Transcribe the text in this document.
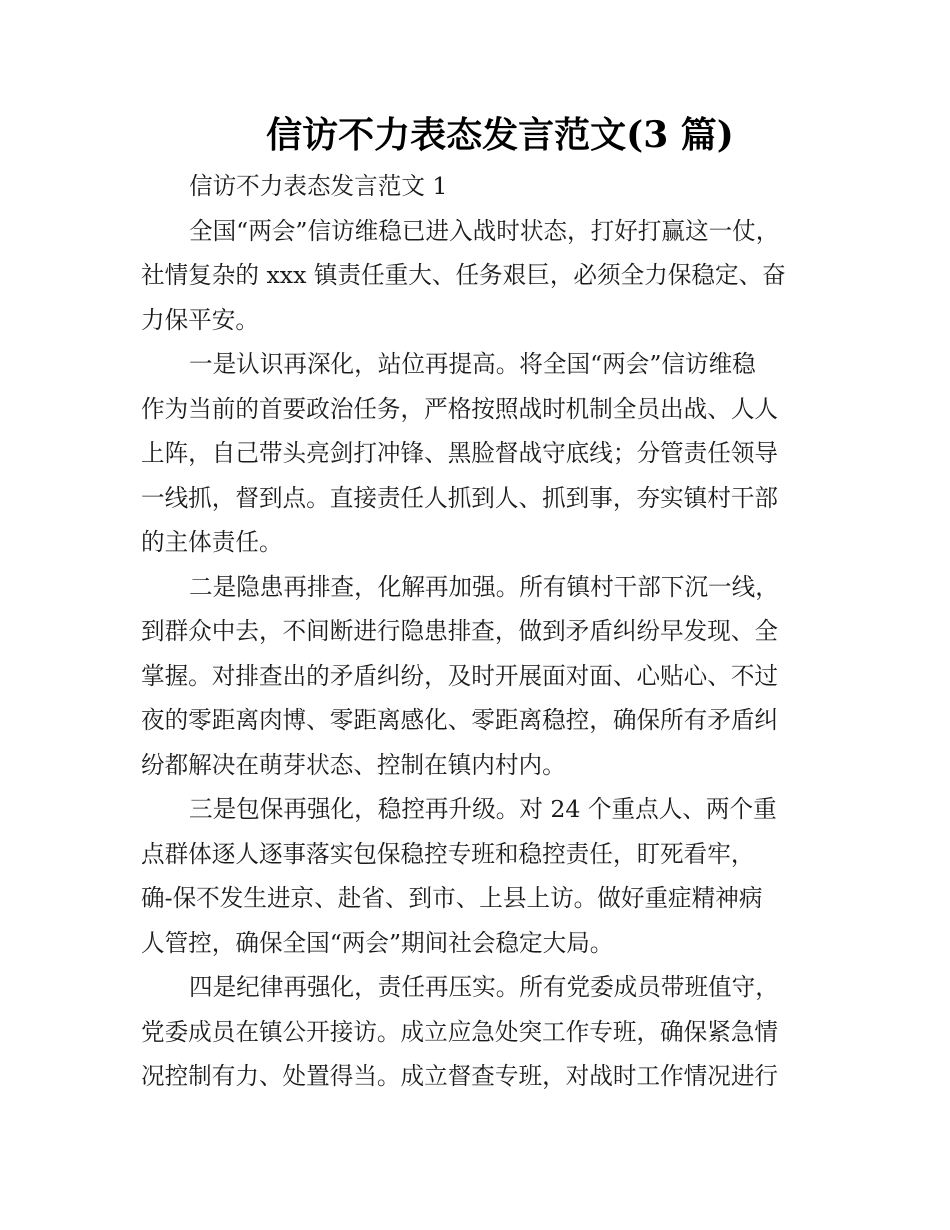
信访不力表态发言范文(3 篇)
信访不力表态发言范文 1

全国“两会”信访维稳已进入战时状态，打好打赢这一仗，
社情复杂的 xxx 镇责任重大、任务艰巨，必须全力保稳定、奋
力保平安。

一是认识再深化，站位再提高。将全国“两会”信访维稳
作为当前的首要政治任务，严格按照战时机制全员出战、人人
上阵，自己带头亮剑打冲锋、黑脸督战守底线；分管责任领导
一线抓，督到点。直接责任人抓到人、抓到事，夯实镇村干部
的主体责任。

二是隐患再排查，化解再加强。所有镇村干部下沉一线，
到群众中去，不间断进行隐患排查，做到矛盾纠纷早发现、全
掌握。对排查出的矛盾纠纷，及时开展面对面、心贴心、不过
夜的零距离肉博、零距离感化、零距离稳控，确保所有矛盾纠
纷都解决在萌芽状态、控制在镇内村内。

三是包保再强化，稳控再升级。对 24 个重点人、两个重
点群体逐人逐事落实包保稳控专班和稳控责任，盯死看牢，
确-保不发生进京、赴省、到市、上县上访。做好重症精神病
人管控，确保全国“两会”期间社会稳定大局。

四是纪律再强化，责任再压实。所有党委成员带班值守，
党委成员在镇公开接访。成立应急处突工作专班，确保紧急情
况控制有力、处置得当。成立督查专班，对战时工作情况进行
